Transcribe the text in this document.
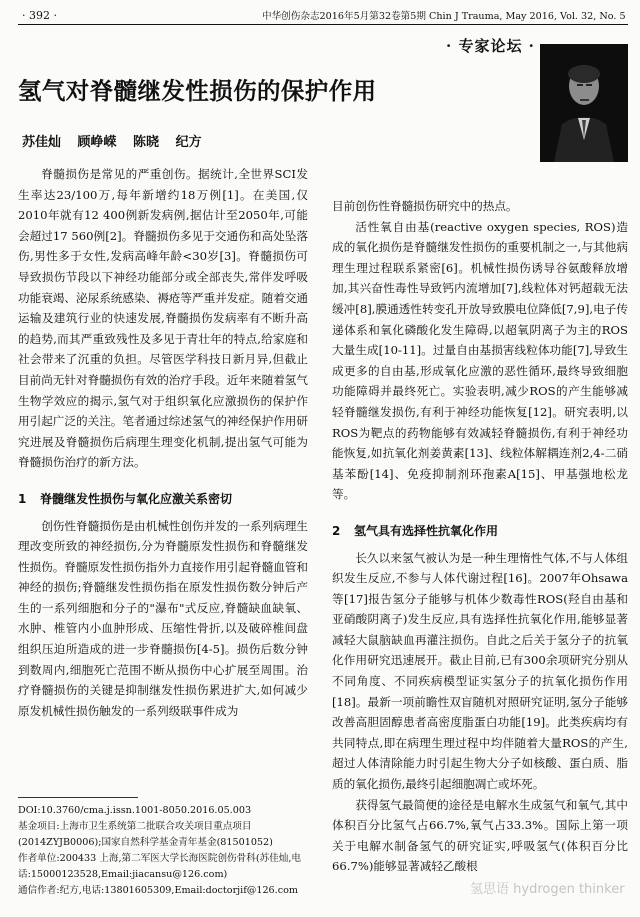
· 392 ·	中华创伤杂志2016年5月第32卷第5期 Chin J Trauma, May 2016, Vol. 32, No. 5
· 专家论坛 ·
氢气对脊髓继发性损伤的保护作用
苏佳灿 顾峥嵘 陈晓 纪方

脊髓损伤是常见的严重创伤。据统计,全世界SCI发生率达23/100万,每年新增约18万例[1]。在美国,仅2010年就有12 400例新发病例,据估计至2050年,可能会超过17 560例[2]。脊髓损伤多见于交通伤和高处坠落伤,男性多于女性,发病高峰年龄<30岁[3]。脊髓损伤可导致损伤节段以下神经功能部分或全部丧失,常伴发呼吸功能衰竭、泌尿系统感染、褥疮等严重并发症。随着交通运输及建筑行业的快速发展,脊髓损伤发病率有不断升高的趋势,而其严重致残性及多见于青壮年的特点,给家庭和社会带来了沉重的负担。尽管医学科技日新月异,但截止目前尚无针对脊髓损伤有效的治疗手段。近年来随着氢气生物学效应的揭示,氢气对于组织氧化应激损伤的保护作用引起广泛的关注。笔者通过综述氢气的神经保护作用研究进展及脊髓损伤后病理生理变化机制,提出氢气可能为脊髓损伤治疗的新方法。

1 脊髓继发性损伤与氧化应激关系密切

创伤性脊髓损伤是由机械性创伤并发的一系列病理生理改变所致的神经损伤,分为脊髓原发性损伤和脊髓继发性损伤。脊髓原发性损伤指外力直接作用引起脊髓血管和神经的损伤;脊髓继发性损伤指在原发性损伤数分钟后产生的一系列细胞和分子的"瀑布"式反应,脊髓缺血缺氧、水肿、椎管内小血肿形成、压缩性骨折,以及破碎椎间盘组织压迫所造成的进一步脊髓损伤[4-5]。损伤后数分钟到数周内,细胞死亡范围不断从损伤中心扩展至周围。治疗脊髓损伤的关键是抑制继发性损伤累进扩大,如何减少原发机械性损伤触发的一系列级联事件成为

目前创伤性脊髓损伤研究中的热点。

活性氧自由基(reactive oxygen species, ROS)造成的氧化损伤是脊髓继发性损伤的重要机制之一,与其他病理生理过程联系紧密[6]。机械性损伤诱导谷氨酸释放增加,其兴奋性毒性导致钙内流增加[7],线粒体对钙超载无法缓冲[8],膜通透性转变孔开放导致膜电位降低[7,9],电子传递体系和氧化磷酸化发生障碍,以超氧阴离子为主的ROS大量生成[10-11]。过量自由基损害线粒体功能[7],导致生成更多的自由基,形成氧化应激的恶性循环,最终导致细胞功能障碍并最终死亡。实验表明,减少ROS的产生能够减轻脊髓继发损伤,有利于神经功能恢复[12]。研究表明,以ROS为靶点的药物能够有效减轻脊髓损伤,有利于神经功能恢复,如抗氧化剂姜黄素[13]、线粒体解耦连剂2,4-二硝基苯酚[14]、免疫抑制剂环孢素A[15]、甲基强地松龙等。

2 氢气具有选择性抗氧化作用

长久以来氢气被认为是一种生理惰性气体,不与人体组织发生反应,不参与人体代谢过程[16]。2007年Ohsawa等[17]报告氢分子能够与机体少数毒性ROS(羟自由基和亚硝酸阴离子)发生反应,具有选择性抗氧化作用,能够显著减轻大鼠脑缺血再灌注损伤。自此之后关于氢分子的抗氧化作用研究迅速展开。截止目前,已有300余项研究分别从不同角度、不同疾病模型证实氢分子的抗氧化损伤作用[18]。最新一项前瞻性双盲随机对照研究证明,氢分子能够改善高胆固醇患者高密度脂蛋白功能[19]。此类疾病均有共同特点,即在病理生理过程中均伴随着大量ROS的产生,超过人体清除能力时引起生物大分子如核酸、蛋白质、脂质的氧化损伤,最终引起细胞凋亡或坏死。

获得氢气最简便的途径是电解水生成氢气和氧气,其中体积百分比氢气占66.7%,氧气占33.3%。国际上第一项关于电解水制备氢气的研究证实,呼吸氢气(体积百分比66.7%)能够显著减轻乙酸根

DOI:10.3760/cma.j.issn.1001-8050.2016.05.003
基金项目:上海市卫生系统第二批联合攻关项目重点项目(2014ZYJB0006);国家自然科学基金青年基金(81501052)
作者单位:200433 上海,第二军医大学长海医院创伤骨科(苏佳灿,电话:15000123528,Email:jiacansu@126.com)
通信作者:纪方,电话:13801605309,Email:doctorjif@126.com	氢思语 hydrogen thinker
